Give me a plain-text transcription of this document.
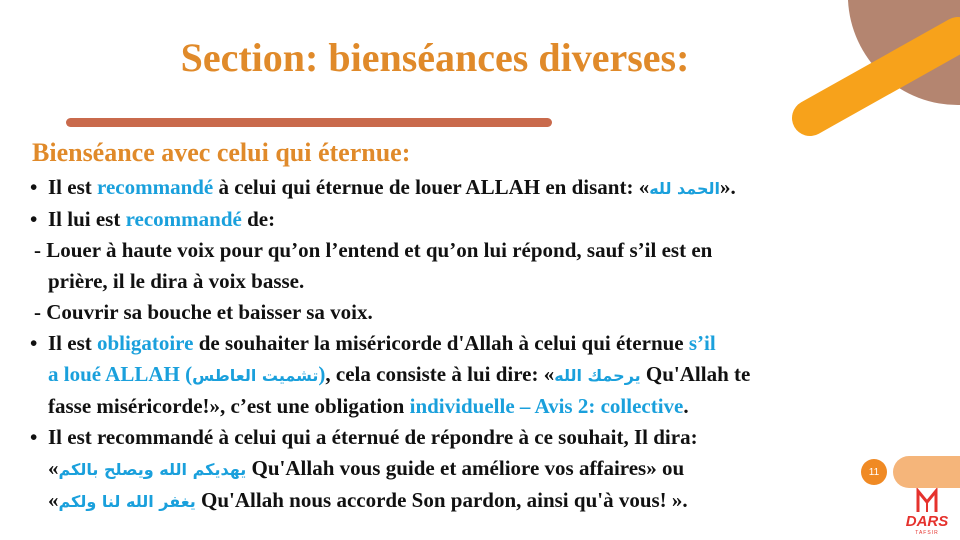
Section: bienséances diverses:
Bienséance avec celui qui éternue:
• Il est recommandé à celui qui éternue de louer ALLAH en disant: «الحمد لله».
• Il lui est recommandé de:
- Louer à haute voix pour qu’on l’entend et qu’on lui répond, sauf s’il est en
prière, il le dira à voix basse.
- Couvrir sa bouche et baisser sa voix.
• Il est obligatoire de souhaiter la miséricorde d'Allah à celui qui éternue s’il
a loué ALLAH (تشميت العاطس), cela consiste à lui dire: «يرحمك الله Qu'Allah te
fasse miséricorde!», c’est une obligation individuelle – Avis 2: collective.
• Il est recommandé à celui qui a éternué de répondre à ce souhait, Il dira:
«يهديكم الله ويصلح بالكم Qu'Allah vous guide et améliore vos affaires» ou
«يغفر الله لنا ولكم Qu'Allah nous accorde Son pardon, ainsi qu'à vous! ».
11
DARS
TAFSIR
